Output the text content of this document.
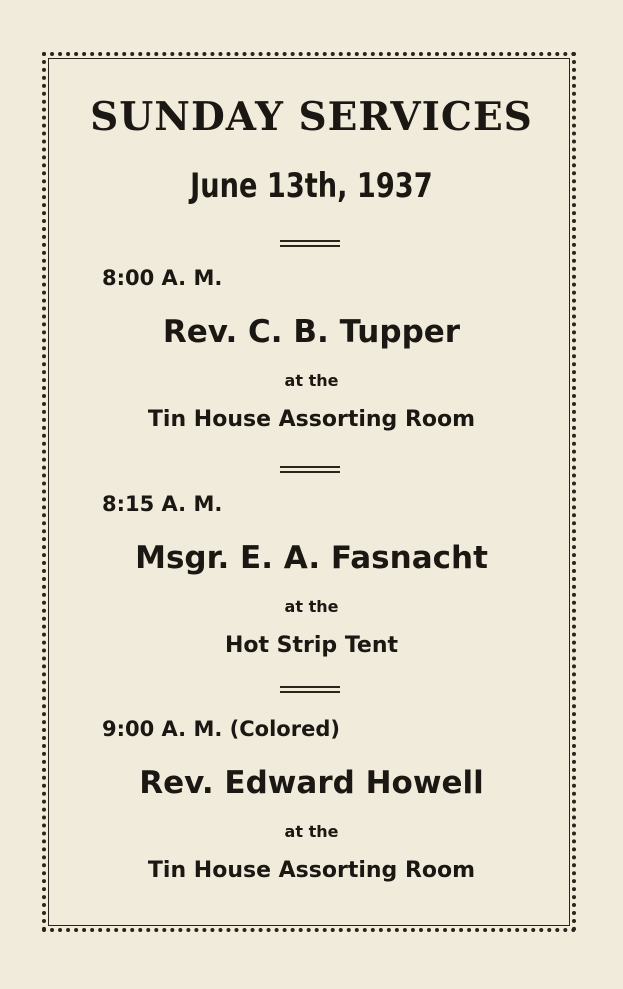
SUNDAY SERVICES
June 13th, 1937
8:00 A. M.
Rev. C. B. Tupper
at the
Tin House Assorting Room
8:15 A. M.
Msgr. E. A. Fasnacht
at the
Hot Strip Tent
9:00 A. M. (Colored)
Rev. Edward Howell
at the
Tin House Assorting Room
